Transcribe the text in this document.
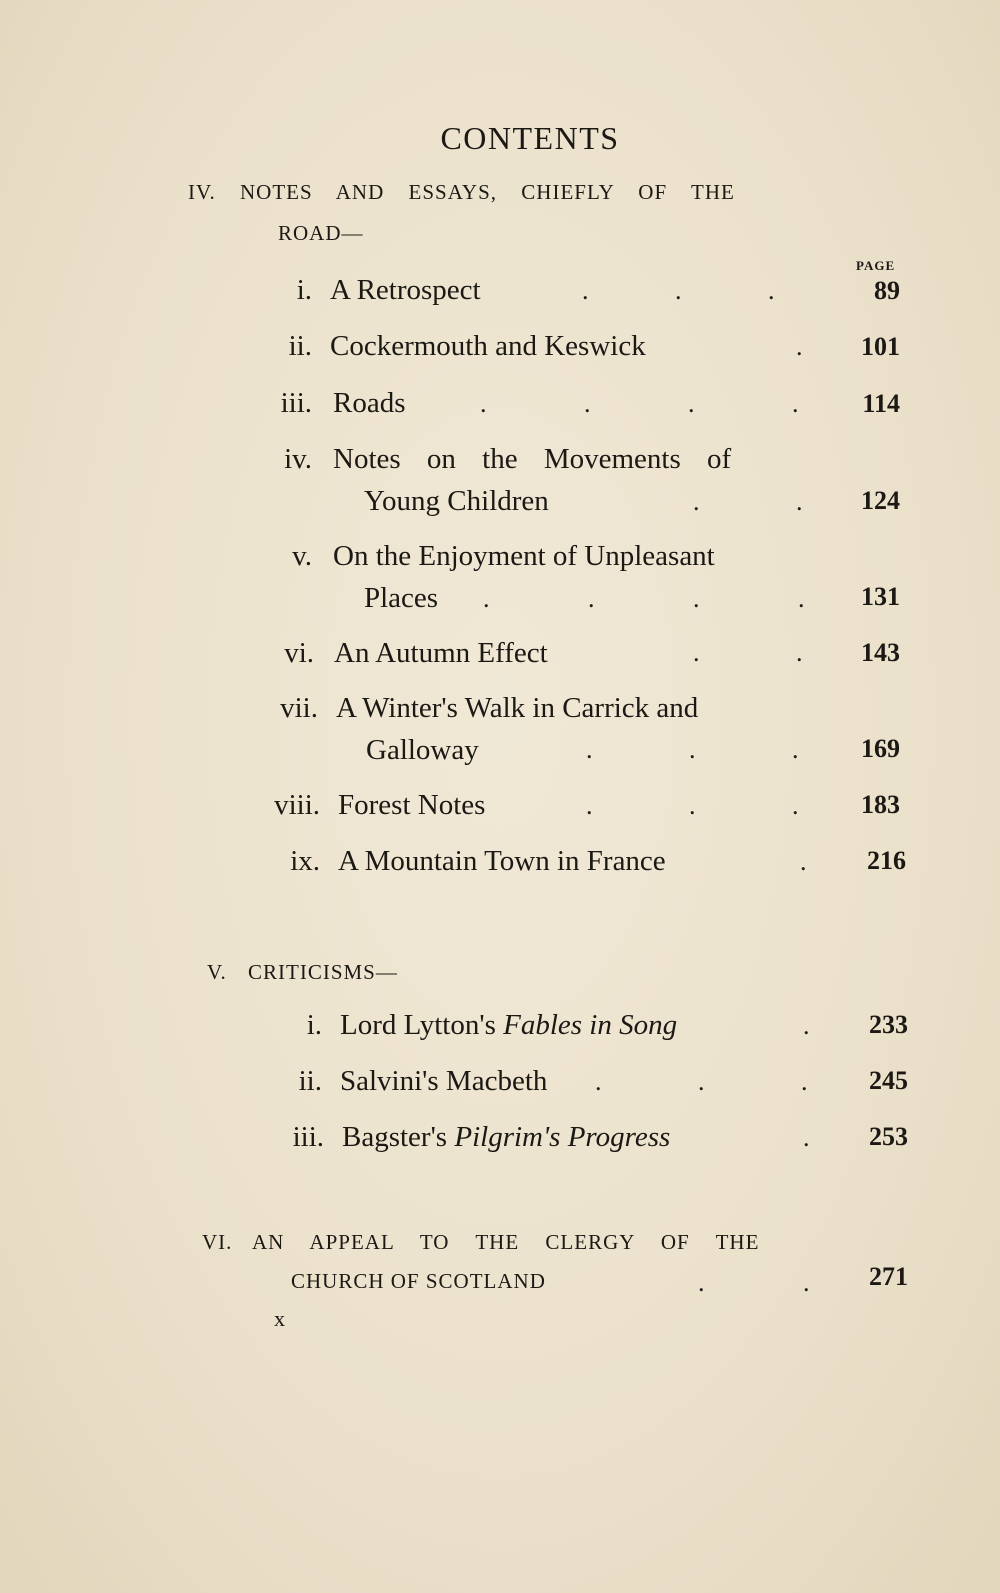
CONTENTS
IV. NOTES AND ESSAYS, CHIEFLY OF THE
ROAD—
PAGE
i. A Retrospect	. . .	89
ii. Cockermouth and Keswick	.	101
iii. Roads	. . . .	114
iv. Notes on the Movements of
Young Children	. .	124
v. On the Enjoyment of Unpleasant
Places . . . .	131
vi. An Autumn Effect	. .	143
vii. A Winter's Walk in Carrick and
Galloway	. . .	169
viii. Forest Notes	. . .	183
ix. A Mountain Town in France	.	216
V. CRITICISMS—
i. Lord Lytton's Fables in Song	.	233
ii. Salvini's Macbeth . . .	245
iii. Bagster's Pilgrim's Progress	.	253
VI. AN APPEAL TO THE CLERGY OF THE
CHURCH OF SCOTLAND	. .	271
x
